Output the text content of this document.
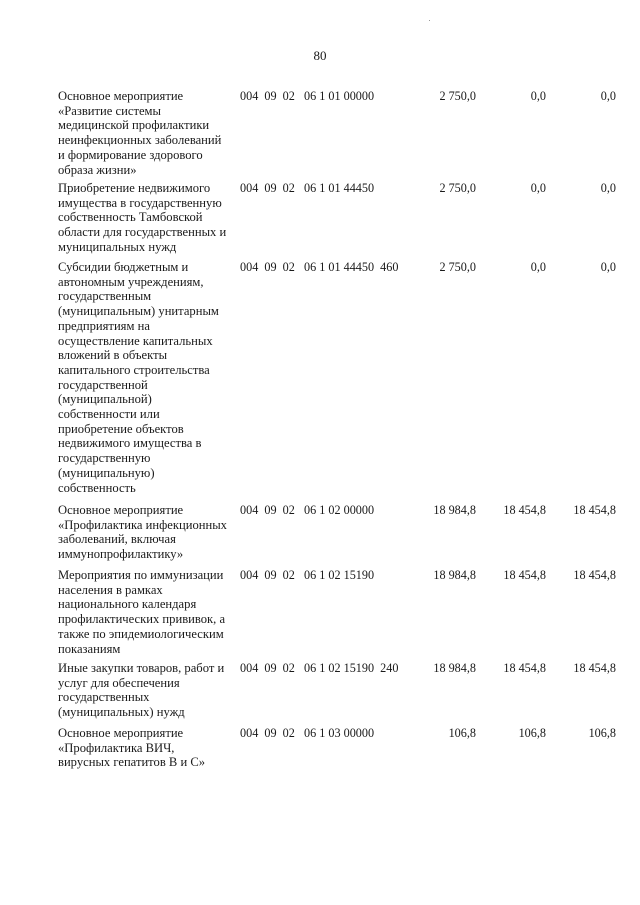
80
Основное мероприятие
«Развитие системы
медицинской профилактики
неинфекционных заболеваний
и формирование здорового
образа жизни»
004  09  02   06 1 01 00000	2 750,0	0,0	0,0
Приобретение недвижимого
имущества в государственную
собственность Тамбовской
области для государственных и
муниципальных нужд
004  09  02   06 1 01 44450	2 750,0	0,0	0,0
Субсидии бюджетным и
автономным учреждениям,
государственным
(муниципальным) унитарным
предприятиям на
осуществление капитальных
вложений в объекты
капитального строительства
государственной
(муниципальной)
собственности или
приобретение объектов
недвижимого имущества в
государственную
(муниципальную)
собственность
004  09  02   06 1 01 44450  460	2 750,0	0,0	0,0
Основное мероприятие
«Профилактика инфекционных
заболеваний, включая
иммунопрофилактику»
004  09  02   06 1 02 00000	18 984,8	18 454,8	18 454,8
Мероприятия по иммунизации
населения в рамках
национального календаря
профилактических прививок, а
также по эпидемиологическим
показаниям
004  09  02   06 1 02 15190	18 984,8	18 454,8	18 454,8
Иные закупки товаров, работ и
услуг для обеспечения
государственных
(муниципальных) нужд
004  09  02   06 1 02 15190  240	18 984,8	18 454,8	18 454,8
Основное мероприятие
«Профилактика ВИЧ,
вирусных гепатитов В и С»
004  09  02   06 1 03 00000	106,8	106,8	106,8
